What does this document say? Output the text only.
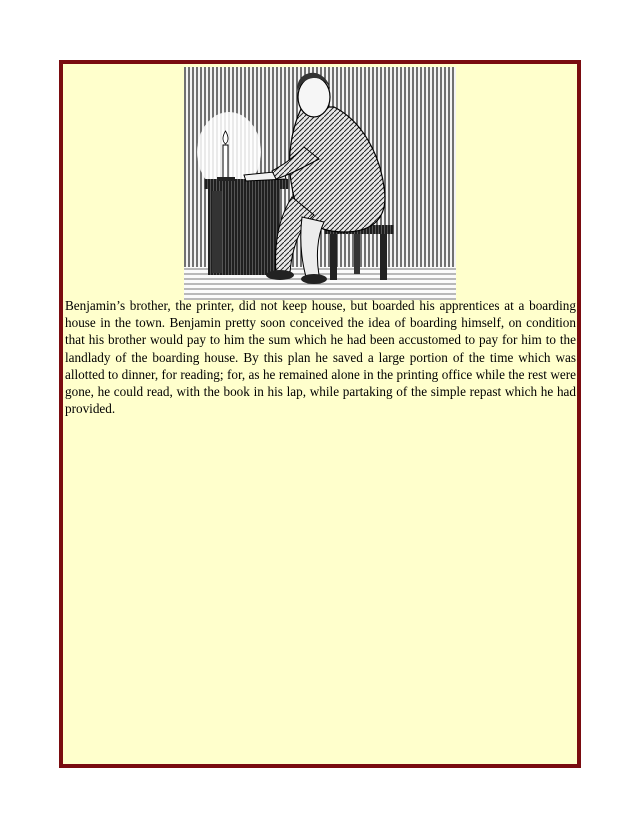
Benjamin’s brother, the printer, did not keep house, but boarded his apprentices at a boarding house in the town. Benjamin pretty soon conceived the idea of boarding himself, on condition that his brother would pay to him the sum which he had been accustomed to pay for him to the landlady of the boarding house. By this plan he saved a large portion of the time which was allotted to dinner, for reading; for, as he remained alone in the printing office while the rest were gone, he could read, with the book in his lap, while partaking of the simple repast which he had provided.
